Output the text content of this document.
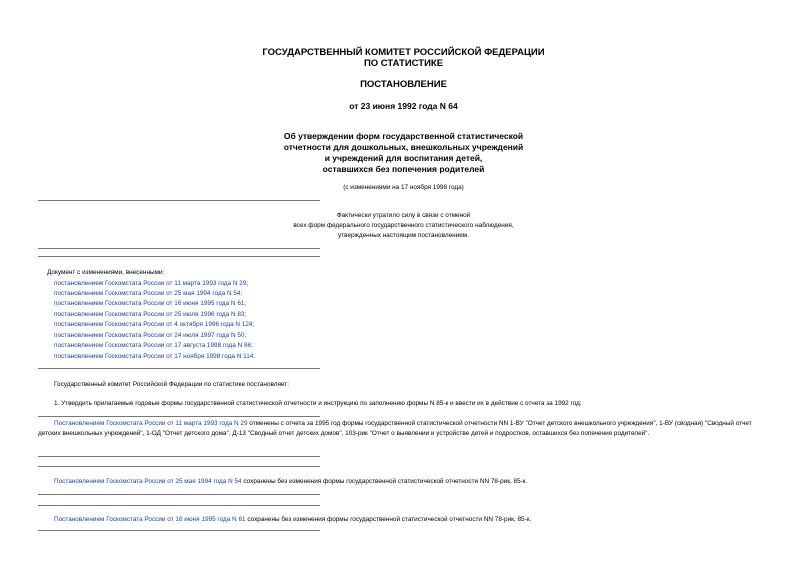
ГОСУДАРСТВЕННЫЙ КОМИТЕТ РОССИЙСКОЙ ФЕДЕРАЦИИ
ПО СТАТИСТИКЕ
ПОСТАНОВЛЕНИЕ
от 23 июня 1992 года N 64
Об утверждении форм государственной статистической
отчетности для дошкольных, внешкольных учреждений
и учреждений для воспитания детей,
оставшихся без попечения родителей
(с изменениями на 17 ноября 1998 года)
Фактически утратило силу в связи с отменой
всех форм федерального государственного статистического наблюдения,
утвержденных настоящим постановлением.
Документ с изменениями, внесенными:
постановлением Госкомстата России от 11 марта 1993 года N 29;
постановлением Госкомстата России от 25 мая 1994 года N 54;
постановлением Госкомстата России от 16 июня 1995 года N 61;
постановлением Госкомстата России от 25 июля 1996 года N 83;
постановлением Госкомстата России от 4 октября 1996 года N 124;
постановлением Госкомстата России от 24 июля 1997 года N 50;
постановлением Госкомстата России от 17 августа 1998 года N 86;
постановлением Госкомстата России от 17 ноября 1998 года N 114.
Государственный комитет Российской Федерации по статистике постановляет:
1. Утвердить прилагаемые годовые формы государственной статистической отчетности и инструкцию по заполнению формы N 85-к и ввести их в действие с отчета за 1992 год:
Постановлением Госкомстата России от 11 марта 1993 года N 29 отменены с отчета за 1995 год формы государственной статистической отчетности NN 1-ВУ "Отчет детского внешкольного учреждения", 1-ВУ (сводная) "Сводный отчет детских внешкольных учреждений", 1-ОД "Отчет детского дома", Д-13 "Сводный отчет детских домов", 103-рик "Отчет о выявлении и устройстве детей и подростков, оставшихся без попечения родителей".
Постановлением Госкомстата России от 25 мая 1994 года N 54 сохранены без изменения формы государственной статистической отчетности NN 78-рик, 85-к.
Постановлением Госкомстата России от 16 июня 1995 года N 61 сохранены без изменения формы государственной статистической отчетности NN 78-рик, 85-к.
